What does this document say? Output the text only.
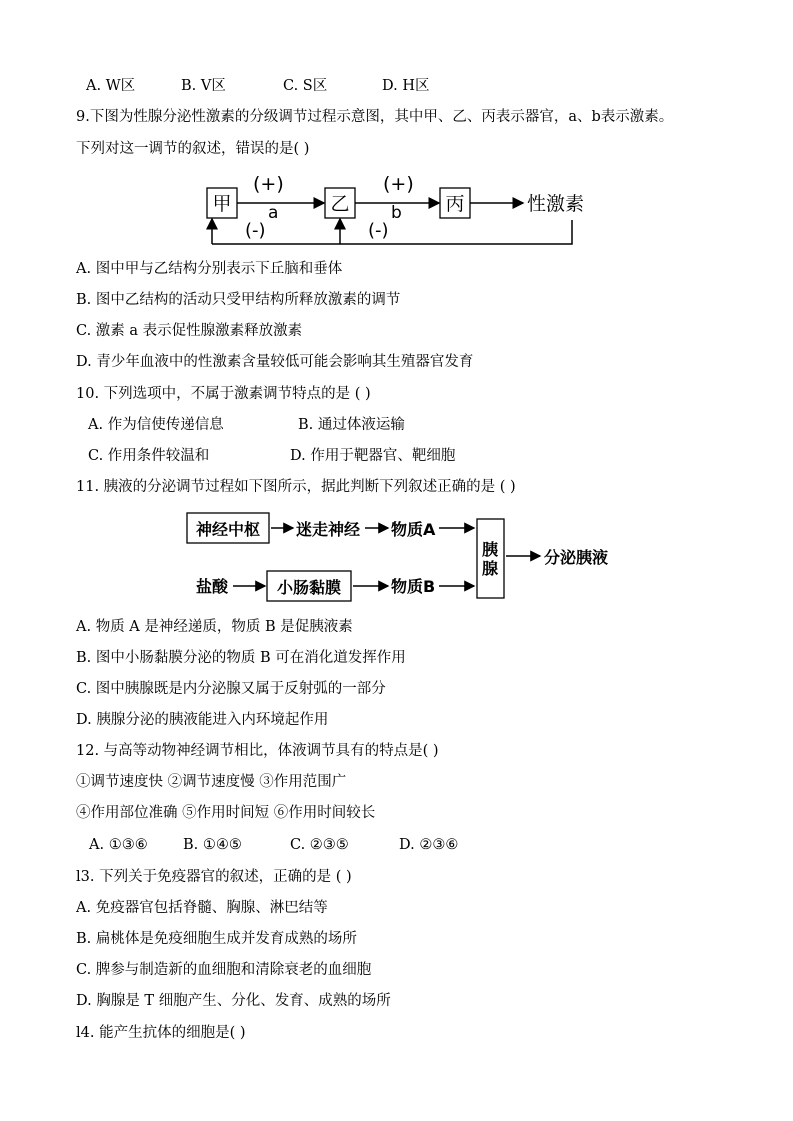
A. W区	B. V区	C. S区	D. H区
9.下图为性腺分泌性激素的分级调节过程示意图，其中甲、乙、丙表示器官，a、b表示激素。
下列对这一调节的叙述，错误的是( )
甲	乙	丙	性激素
(+)
a
(+)
b
(-)	(-)
A. 图中甲与乙结构分别表示下丘脑和垂体
B. 图中乙结构的活动只受甲结构所释放激素的调节
C. 激素 a 表示促性腺激素释放激素
D. 青少年血液中的性激素含量较低可能会影响其生殖器官发育
10. 下列选项中，不属于激素调节特点的是 ( )
A. 作为信使传递信息	B. 通过体液运输
C. 作用条件较温和	D. 作用于靶器官、靶细胞
11. 胰液的分泌调节过程如下图所示，据此判断下列叙述正确的是 ( )
神经中枢 迷走神经 物质A
盐酸	小肠黏膜	物质B
胰
腺
分泌胰液
A. 物质 A 是神经递质，物质 B 是促胰液素
B. 图中小肠黏膜分泌的物质 B 可在消化道发挥作用
C. 图中胰腺既是内分泌腺又属于反射弧的一部分
D. 胰腺分泌的胰液能进入内环境起作用
12. 与高等动物神经调节相比，体液调节具有的特点是( )
①调节速度快 ②调节速度慢 ③作用范围广
④作用部位准确 ⑤作用时间短 ⑥作用时间较长
A. ①③⑥ B. ①④⑤	C. ②③⑤	D. ②③⑥
l3. 下列关于免疫器官的叙述，正确的是 ( )
A. 免疫器官包括脊髓、胸腺、淋巴结等
B. 扁桃体是免疫细胞生成并发育成熟的场所
C. 脾参与制造新的血细胞和清除衰老的血细胞
D. 胸腺是 T 细胞产生、分化、发育、成熟的场所
l4. 能产生抗体的细胞是( )
